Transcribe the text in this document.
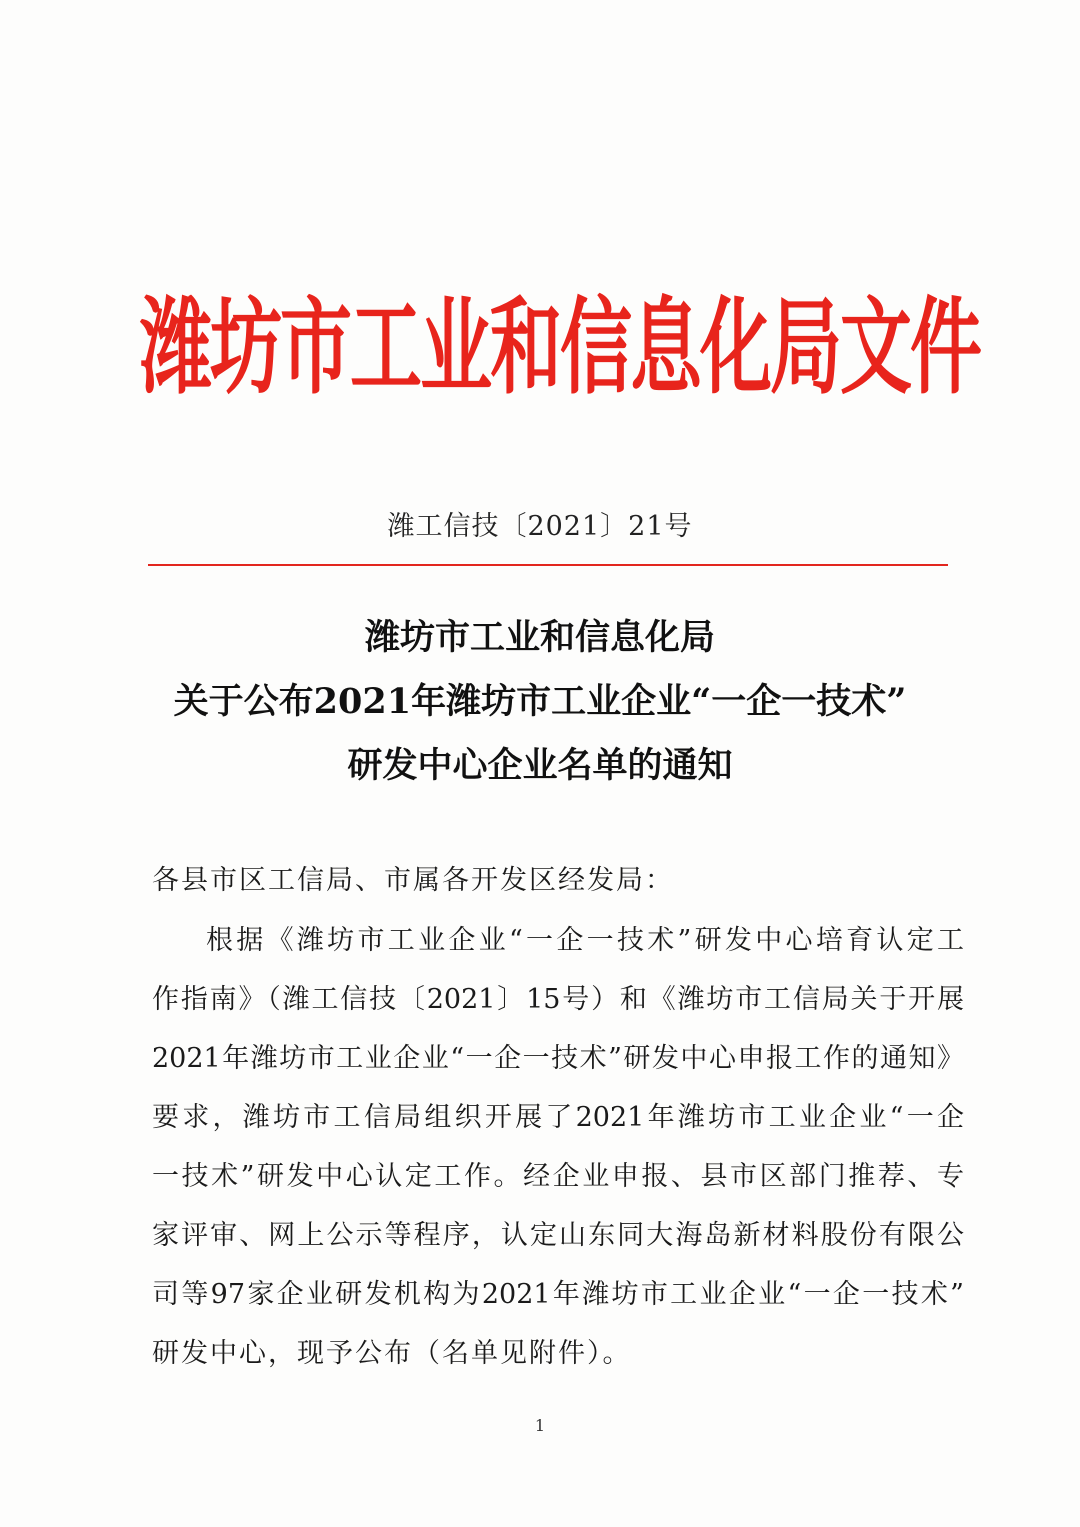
潍坊市工业和信息化局文件
潍工信技〔2021〕21号
潍坊市工业和信息化局
关于公布2021年潍坊市工业企业“一企一技术”
研发中心企业名单的通知
各县市区工信局、市属各开发区经发局：
根据《潍坊市工业企业“一企一技术”研发中心培育认定工
作指南》（潍工信技〔2021〕15号）和《潍坊市工信局关于开展
2021年潍坊市工业企业“一企一技术”研发中心申报工作的通知》
要求，潍坊市工信局组织开展了2021年潍坊市工业企业“一企
一技术”研发中心认定工作。经企业申报、县市区部门推荐、专
家评审、网上公示等程序，认定山东同大海岛新材料股份有限公
司等97家企业研发机构为2021年潍坊市工业企业“一企一技术”
研发中心，现予公布（名单见附件）。
1
